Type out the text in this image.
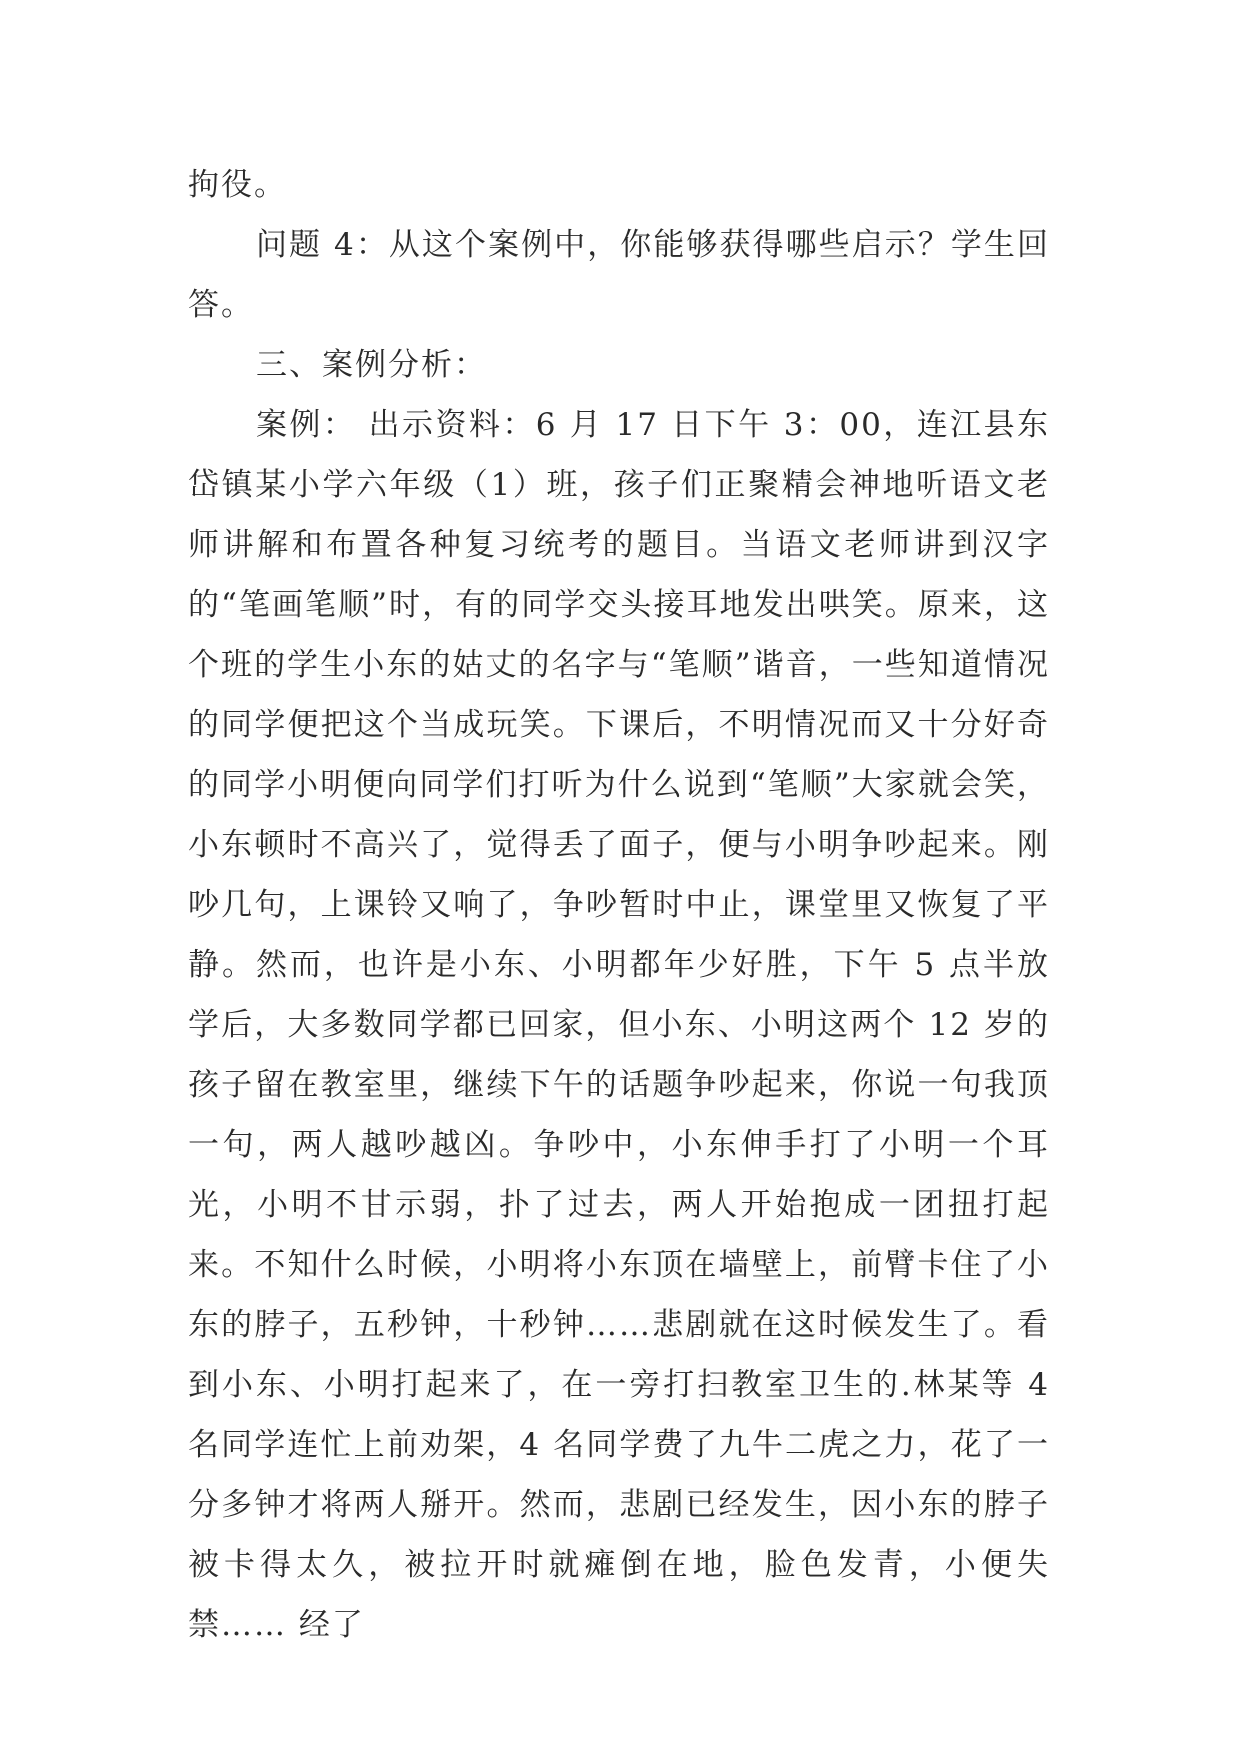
拘役。

问题 4：从这个案例中，你能够获得哪些启示？学生回答。

三、案例分析：

案例： 出示资料：6 月 17 日下午 3：00，连江县东岱镇某小学六年级（1）班，孩子们正聚精会神地听语文老师讲解和布置各种复习统考的题目。当语文老师讲到汉字的“笔画笔顺”时，有的同学交头接耳地发出哄笑。原来，这个班的学生小东的姑丈的名字与“笔顺”谐音，一些知道情况的同学便把这个当成玩笑。下课后，不明情况而又十分好奇的同学小明便向同学们打听为什么说到“笔顺”大家就会笑，小东顿时不高兴了，觉得丢了面子，便与小明争吵起来。刚吵几句，上课铃又响了，争吵暂时中止，课堂里又恢复了平静。然而，也许是小东、小明都年少好胜，下午 5 点半放学后，大多数同学都已回家，但小东、小明这两个 12 岁的孩子留在教室里，继续下午的话题争吵起来，你说一句我顶一句，两人越吵越凶。争吵中，小东伸手打了小明一个耳光，小明不甘示弱，扑了过去，两人开始抱成一团扭打起来。不知什么时候，小明将小东顶在墙壁上，前臂卡住了小东的脖子，五秒钟，十秒钟……悲剧就在这时候发生了。看到小东、小明打起来了，在一旁打扫教室卫生的.林某等 4 名同学连忙上前劝架，4 名同学费了九牛二虎之力，花了一分多钟才将两人掰开。然而，悲剧已经发生，因小东的脖子被卡得太久，被拉开时就瘫倒在地，脸色发青，小便失禁…… 经了
